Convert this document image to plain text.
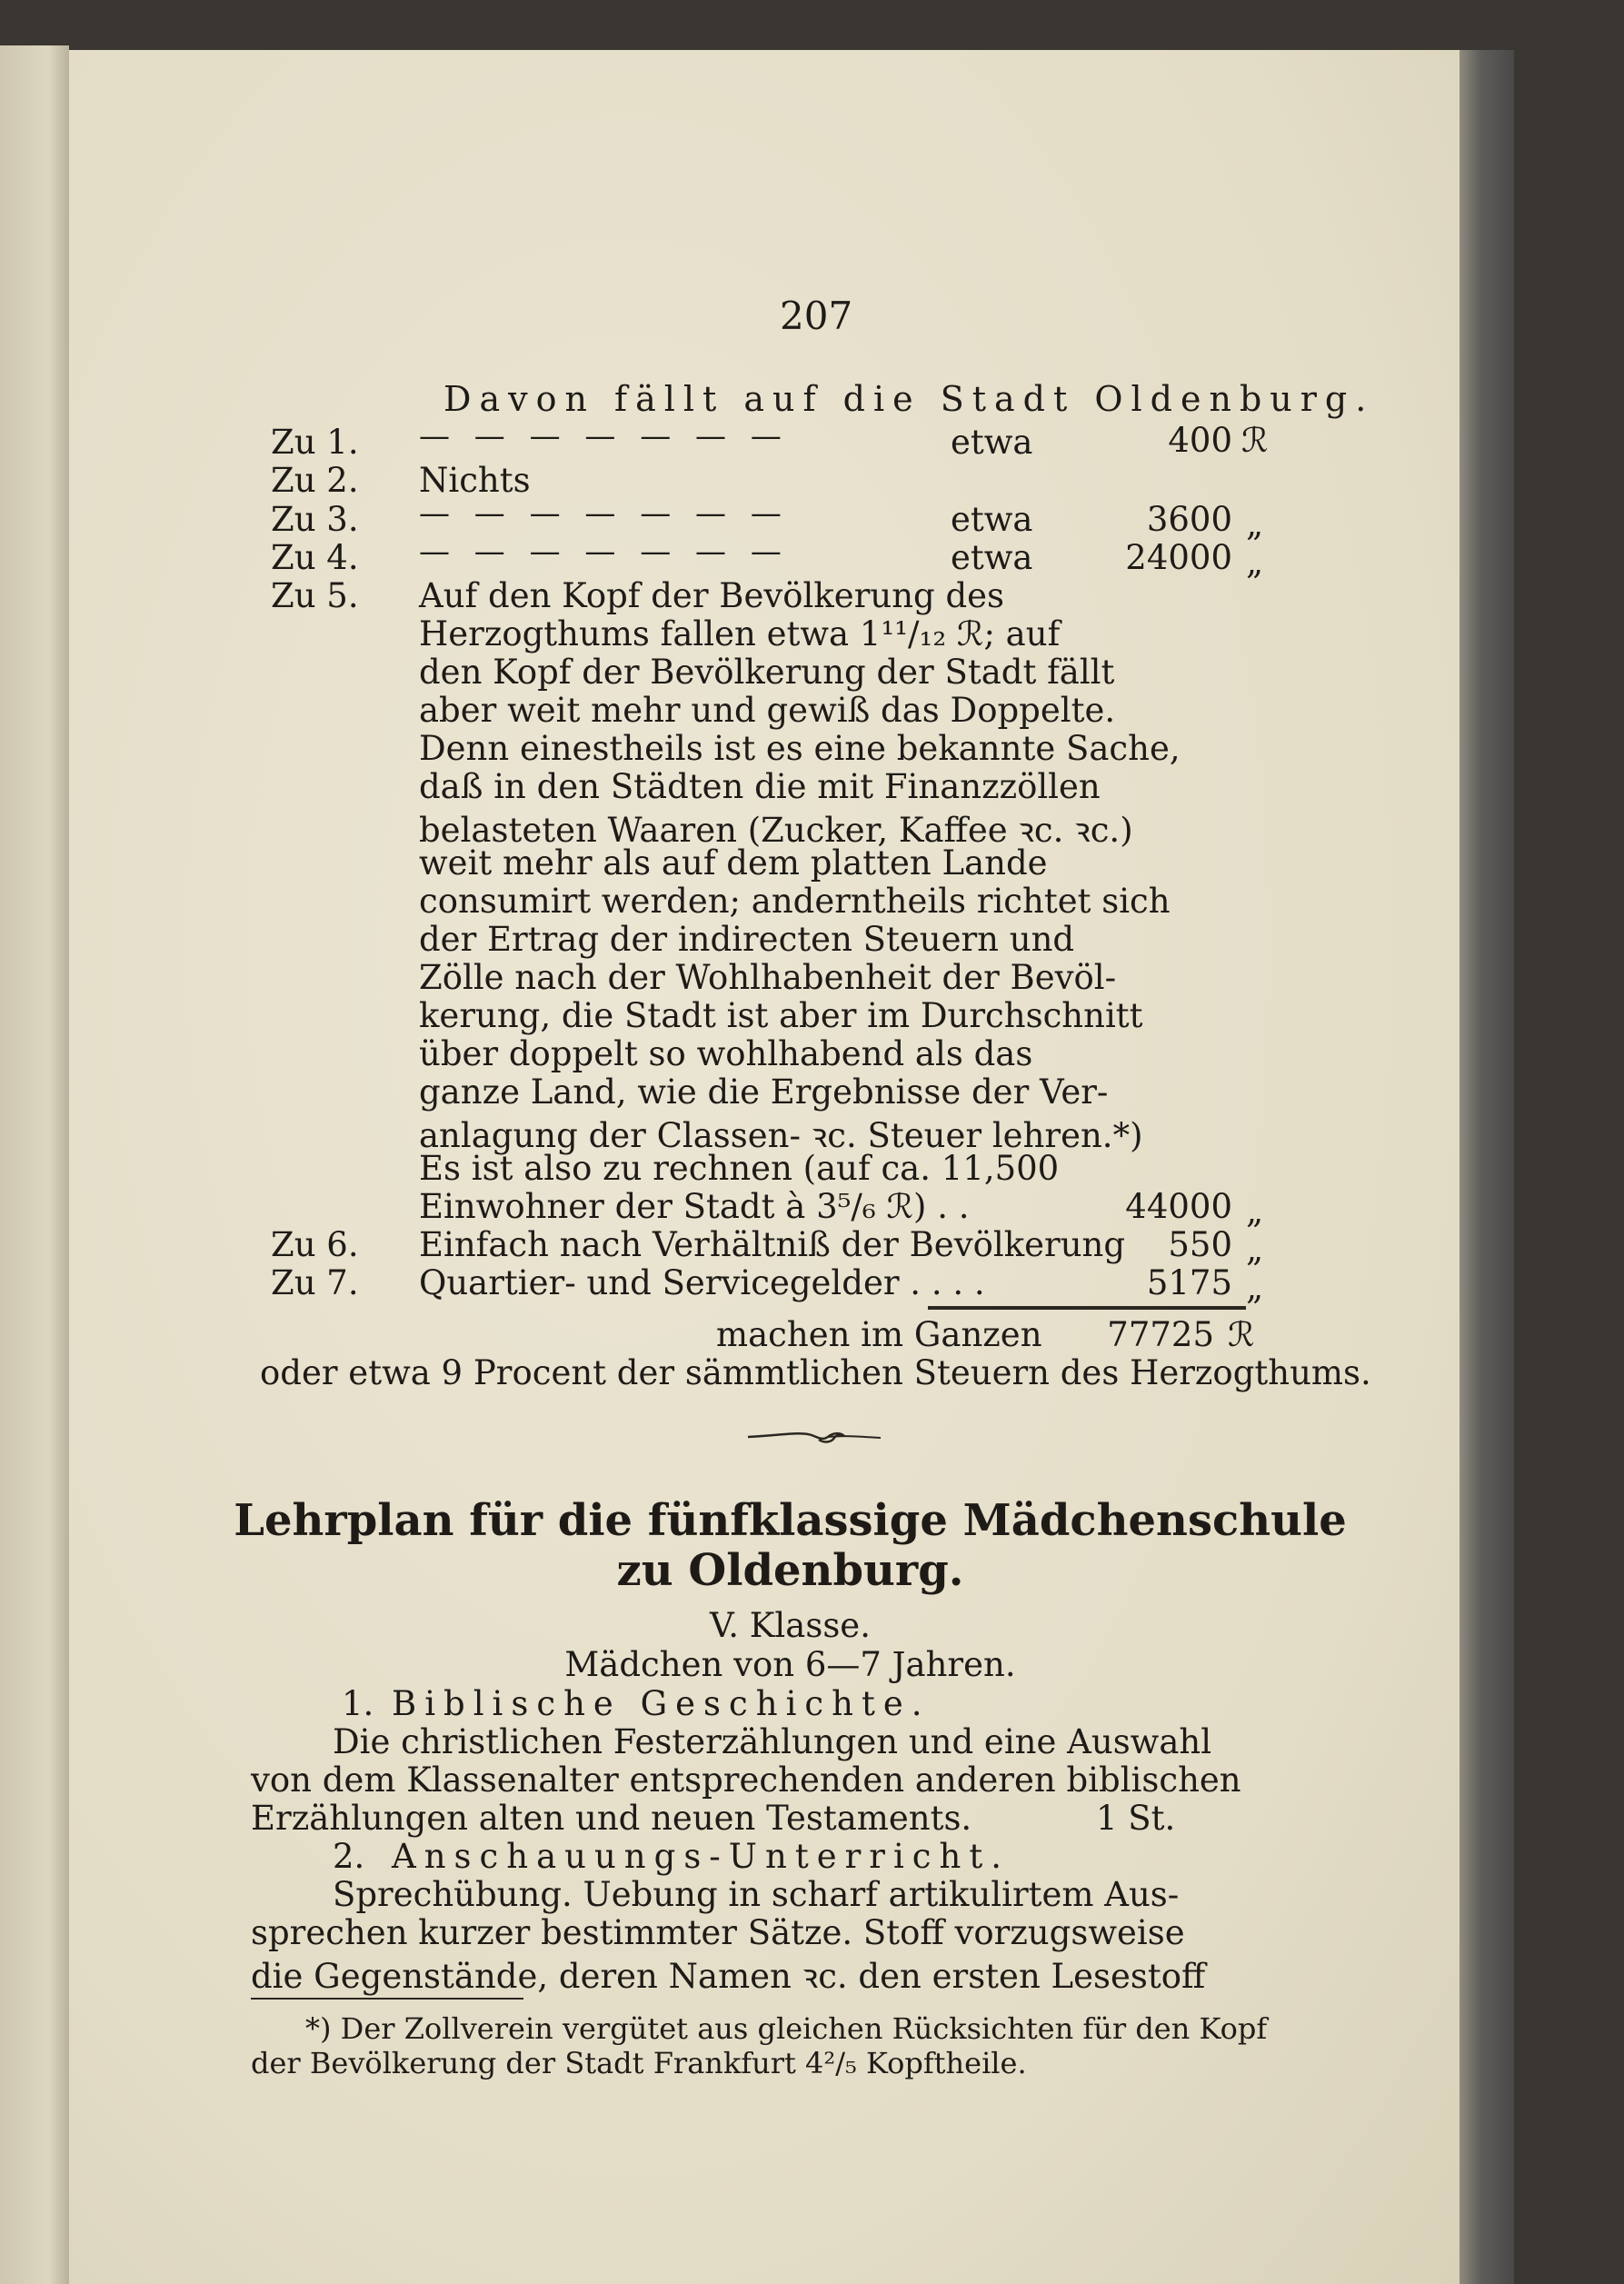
207
Davon fällt auf die Stadt Oldenburg.
Zu 1. — — — — — — —	etwa	400 ℛ
Zu 2. Nichts
Zu 3. — — — — — — —	etwa	3600 „
Zu 4. — — — — — — —	etwa	24000 „
Zu 5. Auf den Kopf der Bevölkerung des
Herzogthums fallen etwa 1¹¹/₁₂ ℛ; auf
den Kopf der Bevölkerung der Stadt fällt
aber weit mehr und gewiß das Doppelte.
Denn einestheils ist es eine bekannte Sache,
daß in den Städten die mit Finanzzöllen
belasteten Waaren (Zucker, Kaffee ꝛc. ꝛc.)
weit mehr als auf dem platten Lande
consumirt werden; anderntheils richtet sich
der Ertrag der indirecten Steuern und
Zölle nach der Wohlhabenheit der Bevöl-
kerung, die Stadt ist aber im Durchschnitt
über doppelt so wohlhabend als das
ganze Land, wie die Ergebnisse der Ver-
anlagung der Classen- ꝛc. Steuer lehren.*)
Es ist also zu rechnen (auf ca. 11,500
Einwohner der Stadt à 3⁵/₆ ℛ) . .	44000 „
Zu 6. Einfach nach Verhältniß der Bevölkerung	550 „
Zu 7. Quartier- und Servicegelder . . . .	5175 „
machen im Ganzen	77725 ℛ
oder etwa 9 Procent der sämmtlichen Steuern des Herzogthums.
Lehrplan für die fünfklassige Mädchenschule
zu Oldenburg.
V. Klasse.
Mädchen von 6—7 Jahren.
1. Biblische Geschichte.
Die christlichen Festerzählungen und eine Auswahl
von dem Klassenalter entsprechenden anderen biblischen
Erzählungen alten und neuen Testaments.	1 St.
2. Anschauungs-Unterricht.
Sprechübung. Uebung in scharf artikulirtem Aus-
sprechen kurzer bestimmter Sätze. Stoff vorzugsweise
die Gegenstände, deren Namen ꝛc. den ersten Lesestoff
*) Der Zollverein vergütet aus gleichen Rücksichten für den Kopf
der Bevölkerung der Stadt Frankfurt 4²/₅ Kopftheile.
